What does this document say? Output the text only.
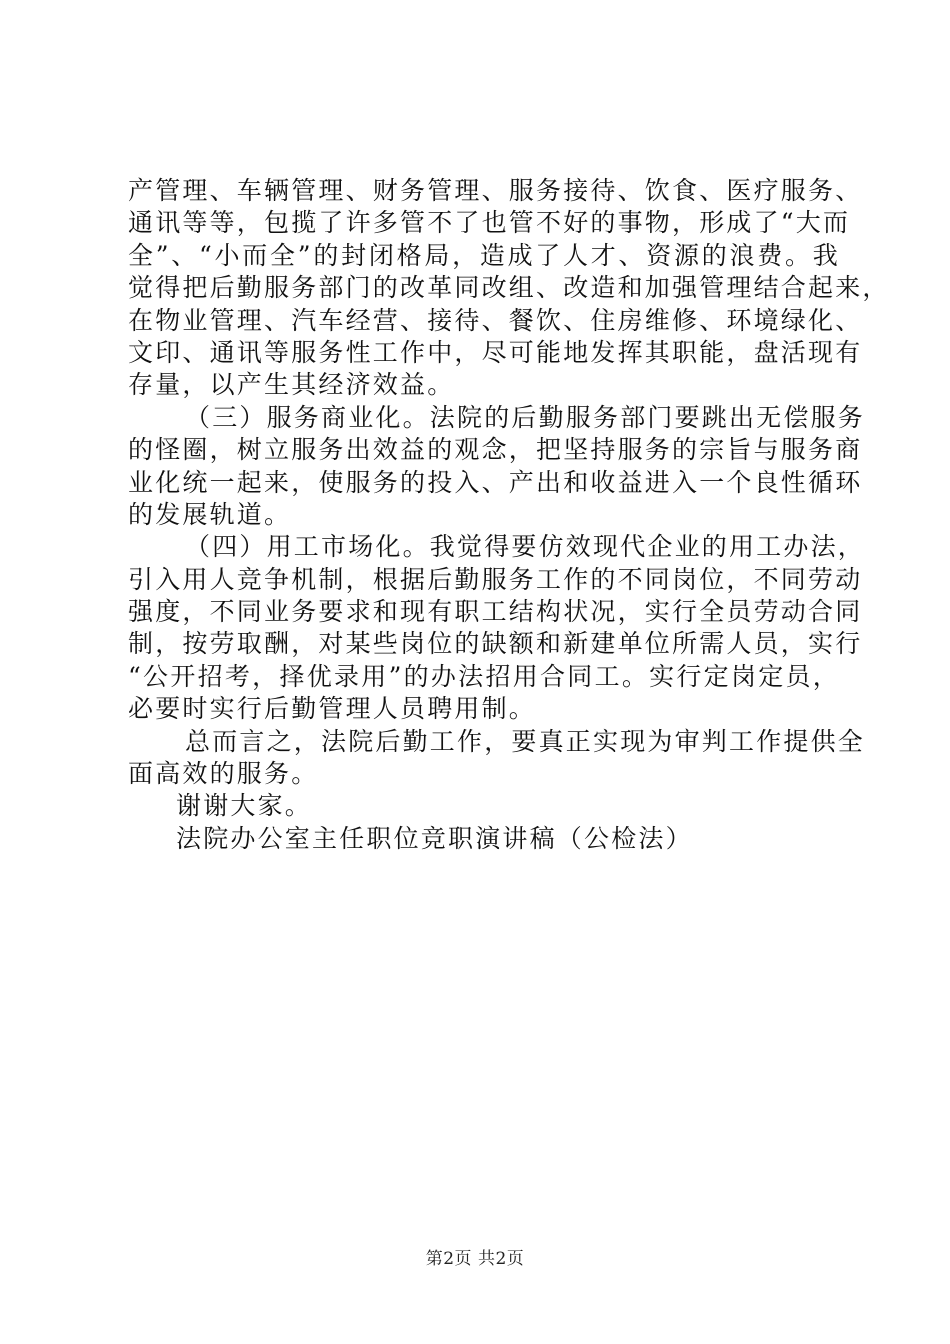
产管理、车辆管理、财务管理、服务接待、饮食、医疗服务、
通讯等等，包揽了许多管不了也管不好的事物，形成了“大而
全”、“小而全”的封闭格局，造成了人才、资源的浪费。我
觉得把后勤服务部门的改革同改组、改造和加强管理结合起来，
在物业管理、汽车经营、接待、餐饮、住房维修、环境绿化、
文印、通讯等服务性工作中，尽可能地发挥其职能，盘活现有
存量，以产生其经济效益。
（三）服务商业化。法院的后勤服务部门要跳出无偿服务
的怪圈，树立服务出效益的观念，把坚持服务的宗旨与服务商
业化统一起来，使服务的投入、产出和收益进入一个良性循环
的发展轨道。
（四）用工市场化。我觉得要仿效现代企业的用工办法，
引入用人竞争机制，根据后勤服务工作的不同岗位，不同劳动
强度，不同业务要求和现有职工结构状况，实行全员劳动合同
制，按劳取酬，对某些岗位的缺额和新建单位所需人员，实行
“公开招考，择优录用”的办法招用合同工。实行定岗定员，
必要时实行后勤管理人员聘用制。
总而言之，法院后勤工作，要真正实现为审判工作提供全
面高效的服务。
谢谢大家。
法院办公室主任职位竞职演讲稿（公检法）
第2页 共2页
